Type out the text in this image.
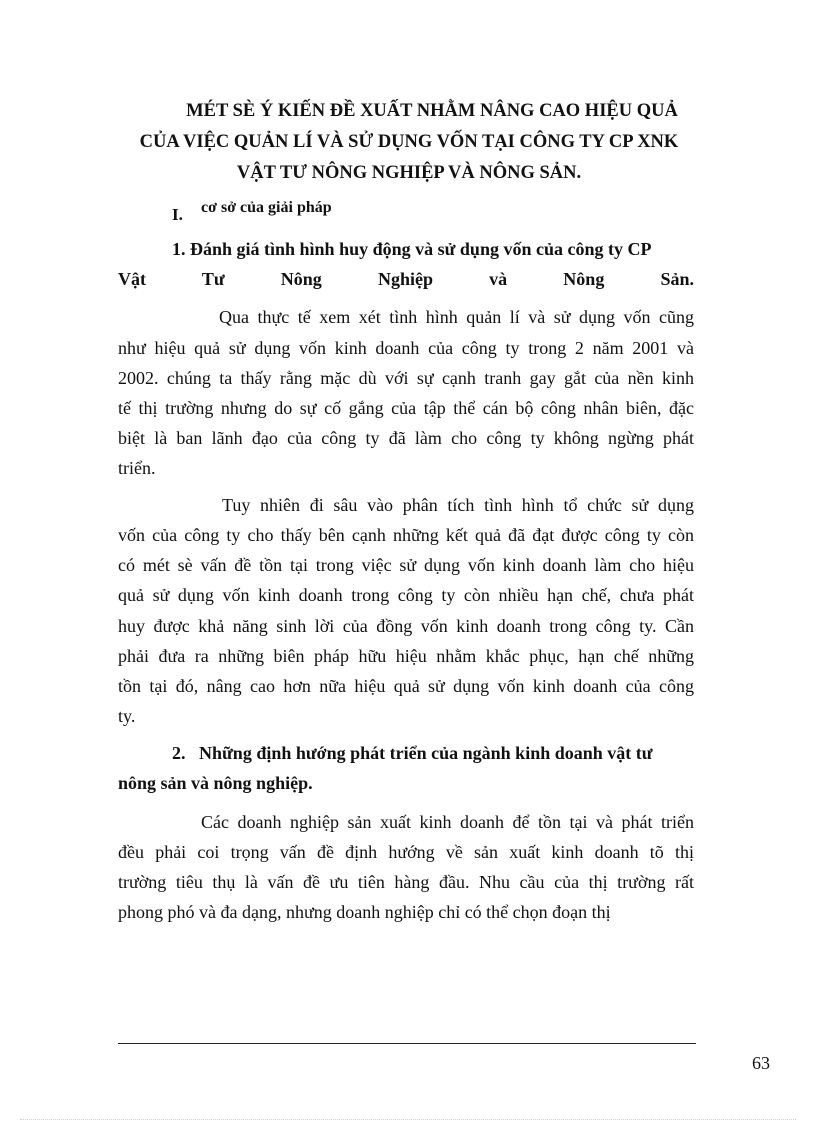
MÉT SÈ Ý KIẾN ĐỀ XUẤT NHẰM NÂNG CAO HIỆU QUẢ
CỦA VIỆC QUẢN LÍ VÀ SỬ DỤNG VỐN TẠI CÔNG TY CP XNK
VẬT TƯ NÔNG NGHIỆP VÀ NÔNG SẢN.
I. cơ sở của giải pháp
1. Đánh giá tình hình huy động và sử dụng vốn của công ty CP
Vật Tư Nông Nghiệp và Nông Sản.
Qua thực tế xem xét tình hình quản lí và sử dụng vốn cũng
như hiệu quả sử dụng vốn kinh doanh của công ty trong 2 năm 2001 và
2002. chúng ta thấy rằng mặc dù với sự cạnh tranh gay gắt của nền kinh
tế thị trường nhưng do sự cố gắng của tập thể cán bộ công nhân biên, đặc
biệt là ban lãnh đạo của công ty đã làm cho công ty không ngừng phát
triển.
Tuy nhiên đi sâu vào phân tích tình hình tổ chức sử dụng
vốn của công ty cho thấy bên cạnh những kết quả đã đạt được công ty còn
có mét sè vấn đề tồn tại trong việc sử dụng vốn kinh doanh làm cho hiệu
quả sử dụng vốn kinh doanh trong công ty còn nhiều hạn chế, chưa phát
huy được khả năng sinh lời của đồng vốn kinh doanh trong công ty. Cần
phải đưa ra những biên pháp hữu hiệu nhằm khắc phục, hạn chế những
tồn tại đó, nâng cao hơn nữa hiệu quả sử dụng vốn kinh doanh của công
ty.
2.   Những định hướng phát triển của ngành kinh doanh vật tư
nông sản và nông nghiệp.
Các doanh nghiệp sản xuất kinh doanh để tồn tại và phát triển
đều phải coi trọng vấn đề định hướng về sản xuất kinh doanh tõ thị
trường tiêu thụ là vấn đề ưu tiên hàng đầu. Nhu cầu của thị trường rất
phong phó và đa dạng, nhưng doanh nghiệp chỉ có thể chọn đoạn thị
63
